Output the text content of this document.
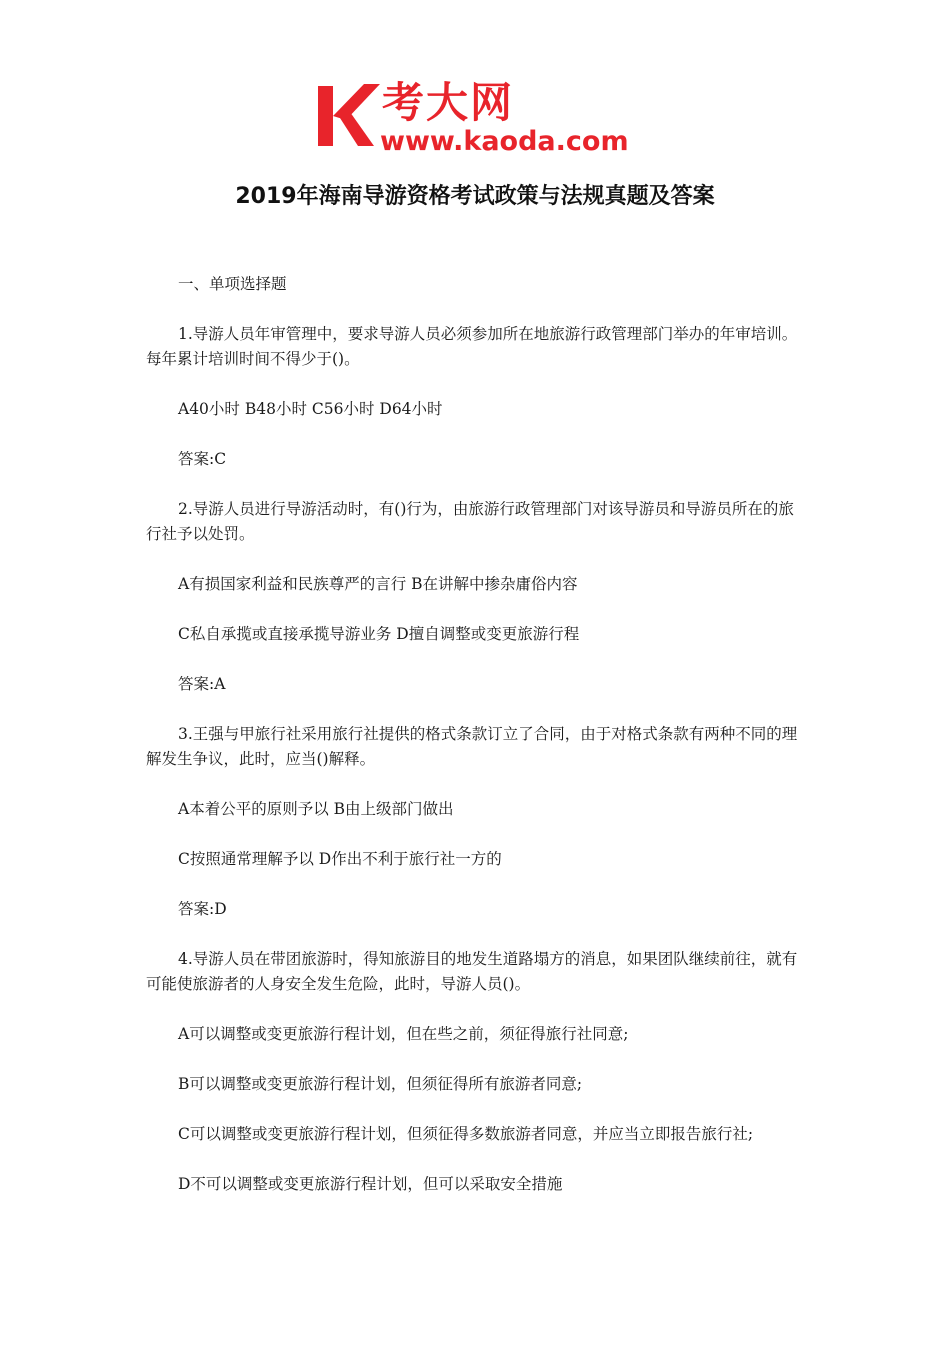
考大网
www.kaoda.com
2019年海南导游资格考试政策与法规真题及答案

一、单项选择题

1.导游人员年审管理中，要求导游人员必须参加所在地旅游行政管理部门举办的年审培训。每年累计培训时间不得少于()。

A40小时 B48小时 C56小时 D64小时

答案:C

2.导游人员进行导游活动时，有()行为，由旅游行政管理部门对该导游员和导游员所在的旅行社予以处罚。

A有损国家利益和民族尊严的言行 B在讲解中掺杂庸俗内容

C私自承揽或直接承揽导游业务 D擅自调整或变更旅游行程

答案:A

3.王强与甲旅行社采用旅行社提供的格式条款订立了合同，由于对格式条款有两种不同的理解发生争议，此时，应当()解释。

A本着公平的原则予以 B由上级部门做出

C按照通常理解予以 D作出不利于旅行社一方的

答案:D

4.导游人员在带团旅游时，得知旅游目的地发生道路塌方的消息，如果团队继续前往，就有可能使旅游者的人身安全发生危险，此时，导游人员()。

A可以调整或变更旅游行程计划，但在些之前，须征得旅行社同意;

B可以调整或变更旅游行程计划，但须征得所有旅游者同意;

C可以调整或变更旅游行程计划，但须征得多数旅游者同意，并应当立即报告旅行社;

D不可以调整或变更旅游行程计划，但可以采取安全措施
